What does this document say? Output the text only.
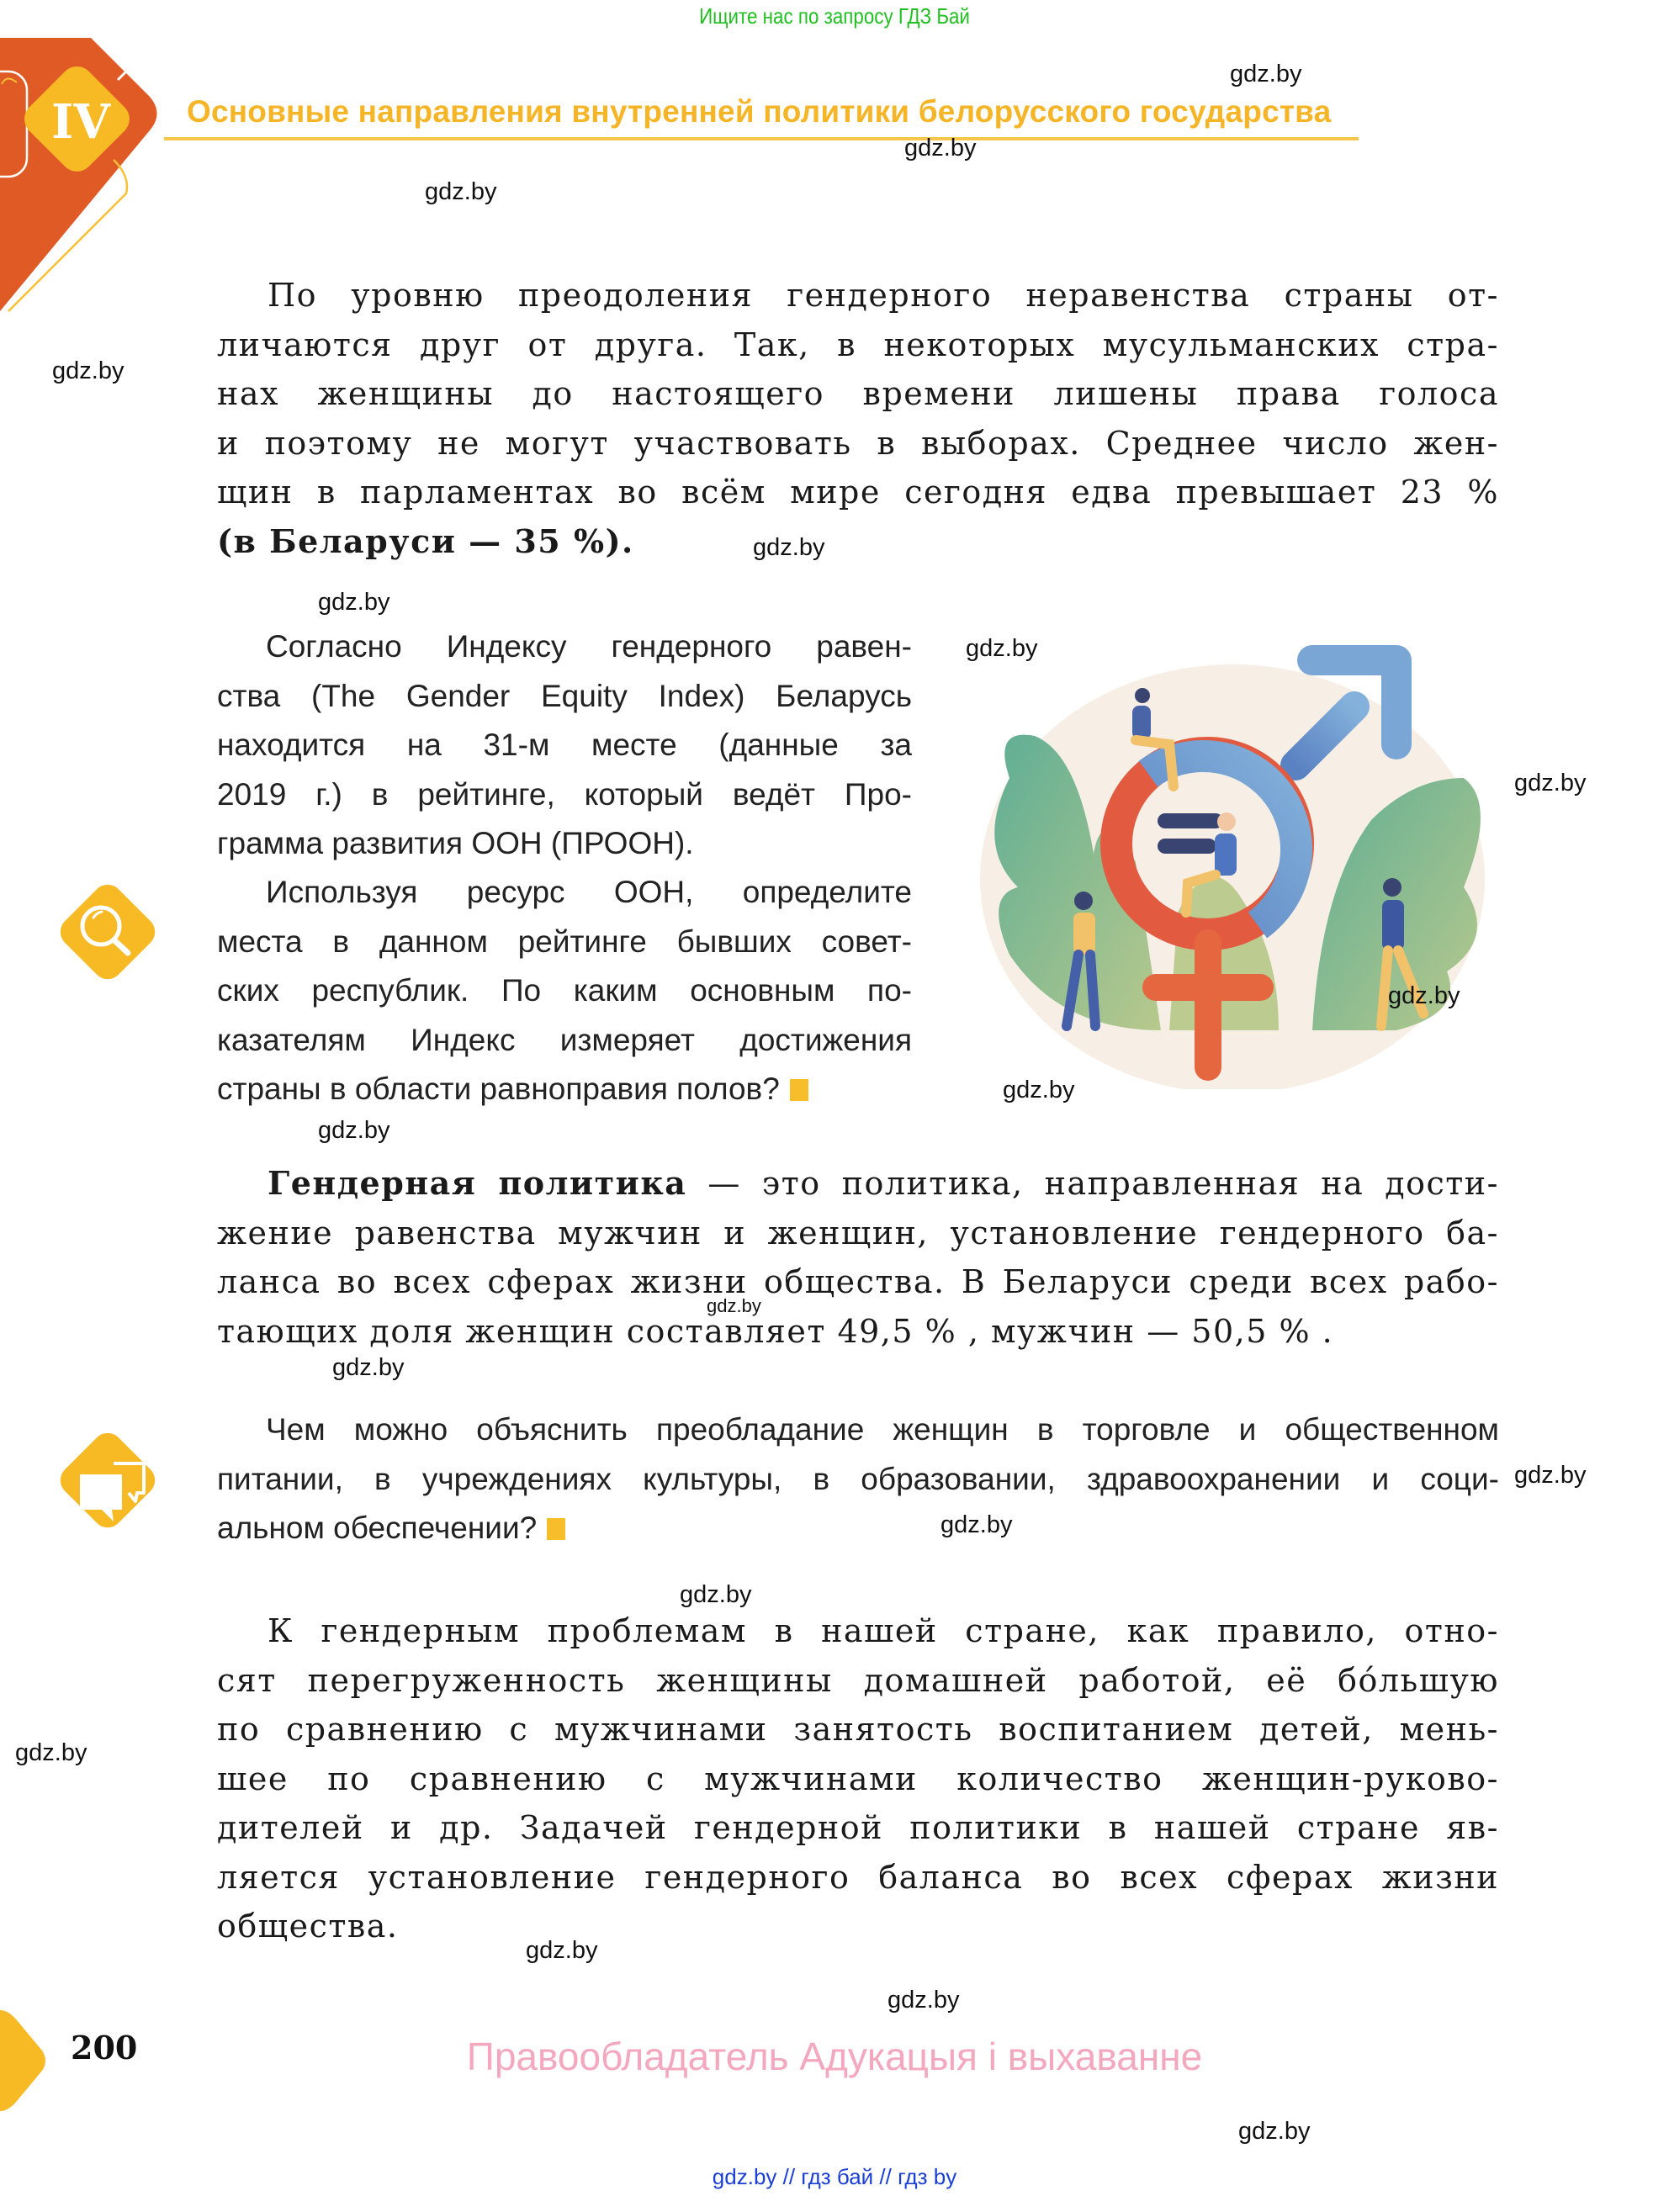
Ищите нас по запросу ГДЗ Бай
IV	Основные направления внутренней политики белорусского государства
По уровню преодоления гендерного неравенства страны от-
личаются друг от друга. Так, в некоторых мусульманских стра-
нах женщины до настоящего времени лишены права голоса
и поэтому не могут участвовать в выборах. Среднее число жен-
щин в парламентах во всём мире сегодня едва превышает 23 %
(в Беларуси — 35 %).
Согласно Индексу гендерного равен-
ства (The Gender Equity Index) Беларусь
находится на 31-м месте (данные за
2019 г.) в рейтинге, который ведёт Про-
грамма развития ООН (ПРООН).
Используя ресурс ООН, определите
места в данном рейтинге бывших совет-
ских республик. По каким основным по-
казателям Индекс измеряет достижения
страны в области равноправия полов?
Гендерная политика — это политика, направленная на дости-
жение равенства мужчин и женщин, установление гендерного ба-
ланса во всех сферах жизни общества. В Беларуси среди всех рабо-
тающих доля женщин составляет 49,5 % , мужчин — 50,5 % .
Чем можно объяснить преобладание женщин в торговле и общественном
питании, в учреждениях культуры, в образовании, здравоохранении и соци-
альном обеспечении?
К гендерным проблемам в нашей стране, как правило, отно-
сят перегруженность женщины домашней работой, её бо́льшую
по сравнению с мужчинами занятость воспитанием детей, мень-
шее по сравнению с мужчинами количество женщин-руково-
дителей и др. Задачей гендерной политики в нашей стране яв-
ляется установление гендерного баланса во всех сферах жизни
общества.
200	Правообладатель Адукацыя і выхаванне
gdz.by // гдз бай // гдз by
gdz.by
gdz.by
gdz.by
gdz.by
gdz.by
gdz.by
gdz.by
gdz.by
gdz.by
gdz.by
gdz.by
gdz.by
gdz.by
gdz.by
gdz.by
gdz.by
gdz.by
gdz.by
gdz.by
gdz.by
